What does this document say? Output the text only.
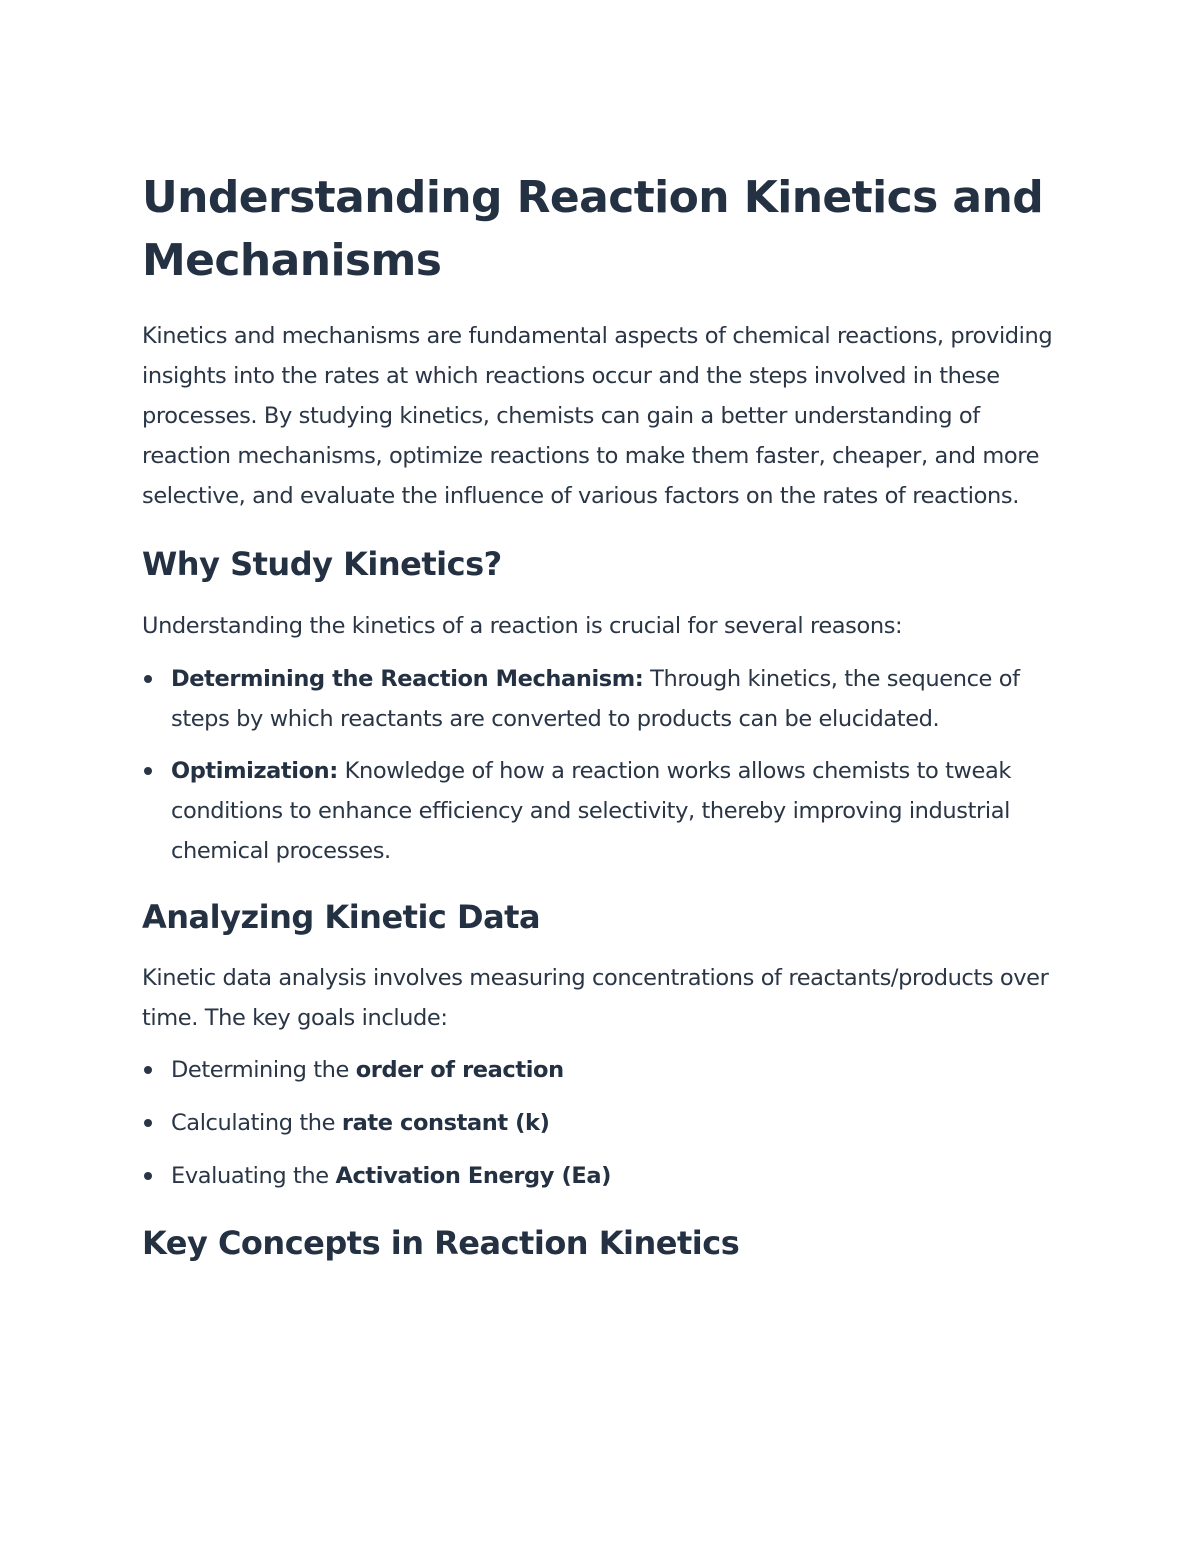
Understanding Reaction Kinetics and Mechanisms

Kinetics and mechanisms are fundamental aspects of chemical reactions, providing insights into the rates at which reactions occur and the steps involved in these processes. By studying kinetics, chemists can gain a better understanding of reaction mechanisms, optimize reactions to make them faster, cheaper, and more selective, and evaluate the influence of various factors on the rates of reactions.

Why Study Kinetics?

Understanding the kinetics of a reaction is crucial for several reasons:

Determining the Reaction Mechanism: Through kinetics, the sequence of steps by which reactants are converted to products can be elucidated.
Optimization: Knowledge of how a reaction works allows chemists to tweak conditions to enhance efficiency and selectivity, thereby improving industrial chemical processes.
Analyzing Kinetic Data

Kinetic data analysis involves measuring concentrations of reactants/products over time. The key goals include:

Determining the order of reaction
Calculating the rate constant (k)
Evaluating the Activation Energy (Ea)
Key Concepts in Reaction Kinetics
